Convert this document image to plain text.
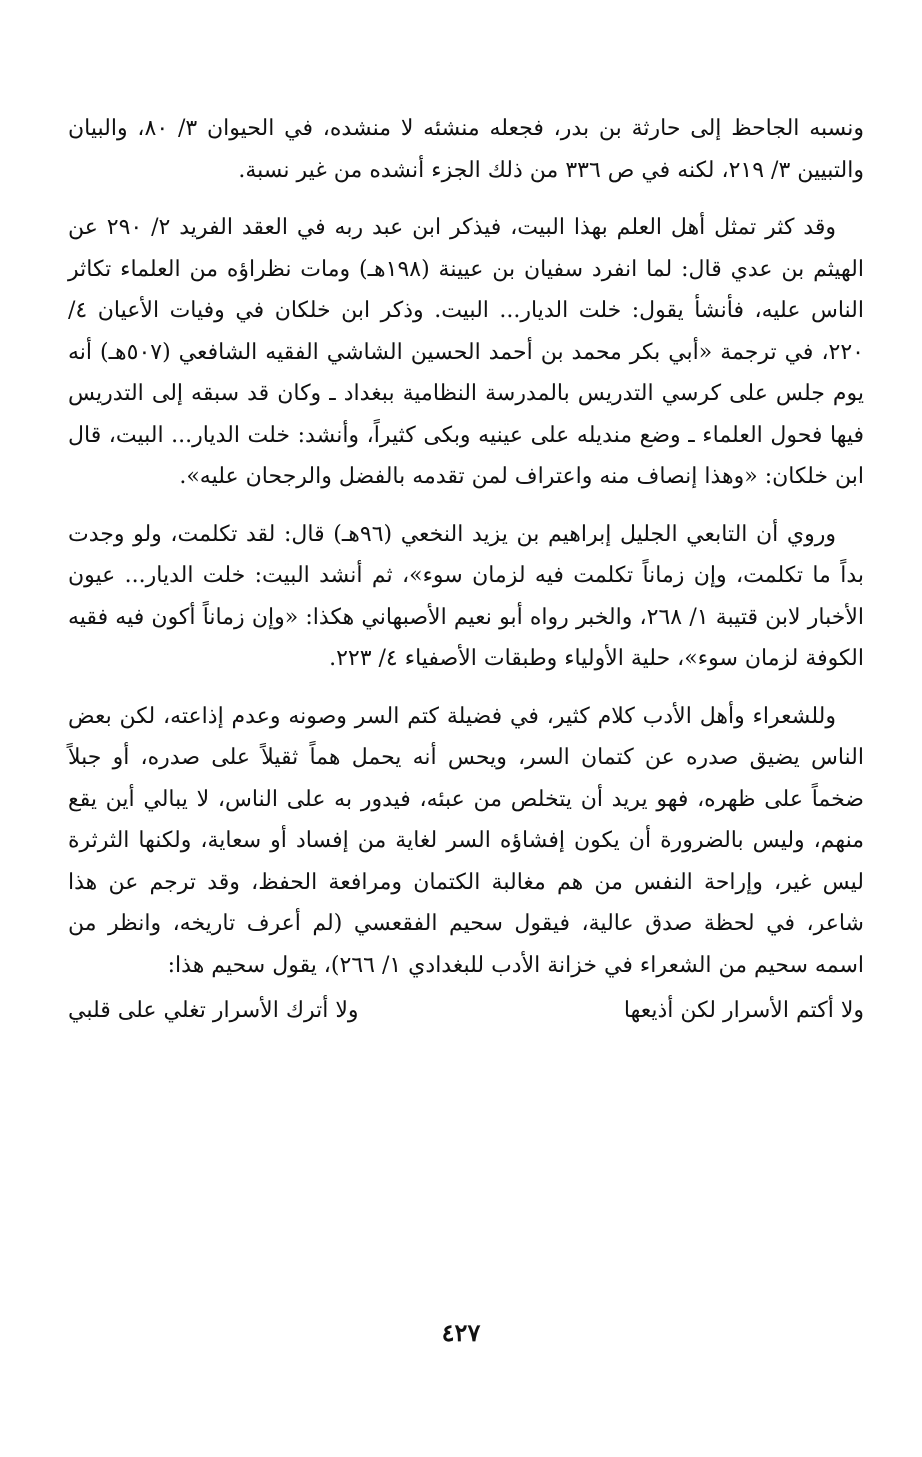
ونسبه الجاحظ إلى حارثة بن بدر، فجعله منشئه لا منشده، في الحيوان ٣/ ٨٠، والبيان والتبيين ٣/ ٢١٩، لكنه في ص ٣٣٦ من ذلك الجزء أنشده من غير نسبة.

وقد كثر تمثل أهل العلم بهذا البيت، فيذكر ابن عبد ربه في العقد الفريد ٢/ ٢٩٠ عن الهيثم بن عدي قال: لما انفرد سفيان بن عيينة (١٩٨هـ) ومات نظراؤه من العلماء تكاثر الناس عليه، فأنشأ يقول: خلت الديار... البيت. وذكر ابن خلكان في وفيات الأعيان ٤/ ٢٢٠، في ترجمة «أبي بكر محمد بن أحمد الحسين الشاشي الفقيه الشافعي (٥٠٧هـ) أنه يوم جلس على كرسي التدريس بالمدرسة النظامية ببغداد ـ وكان قد سبقه إلى التدريس فيها فحول العلماء ـ وضع منديله على عينيه وبكى كثيراً، وأنشد: خلت الديار... البيت، قال ابن خلكان: «وهذا إنصاف منه واعتراف لمن تقدمه بالفضل والرجحان عليه».

وروي أن التابعي الجليل إبراهيم بن يزيد النخعي (٩٦هـ) قال: لقد تكلمت، ولو وجدت بداً ما تكلمت، وإن زماناً تكلمت فيه لزمان سوء»، ثم أنشد البيت: خلت الديار... عيون الأخبار لابن قتيبة ١/ ٢٦٨، والخبر رواه أبو نعيم الأصبهاني هكذا: «وإن زماناً أكون فيه فقيه الكوفة لزمان سوء»، حلية الأولياء وطبقات الأصفياء ٤/ ٢٢٣.

وللشعراء وأهل الأدب كلام كثير، في فضيلة كتم السر وصونه وعدم إذاعته، لكن بعض الناس يضيق صدره عن كتمان السر، ويحس أنه يحمل هماً ثقيلاً على صدره، أو جبلاً ضخماً على ظهره، فهو يريد أن يتخلص من عبئه، فيدور به على الناس، لا يبالي أين يقع منهم، وليس بالضرورة أن يكون إفشاؤه السر لغاية من إفساد أو سعاية، ولكنها الثرثرة ليس غير، وإراحة النفس من هم مغالبة الكتمان ومرافعة الحفظ، وقد ترجم عن هذا شاعر، في لحظة صدق عالية، فيقول سحيم الفقعسي (لم أعرف تاريخه، وانظر من اسمه سحيم من الشعراء في خزانة الأدب للبغدادي ١/ ٢٦٦)، يقول سحيم هذا:

ولا أكتم الأسرار لكن أذيعها
ولا أترك الأسرار تغلي على قلبي
٤٢٧
